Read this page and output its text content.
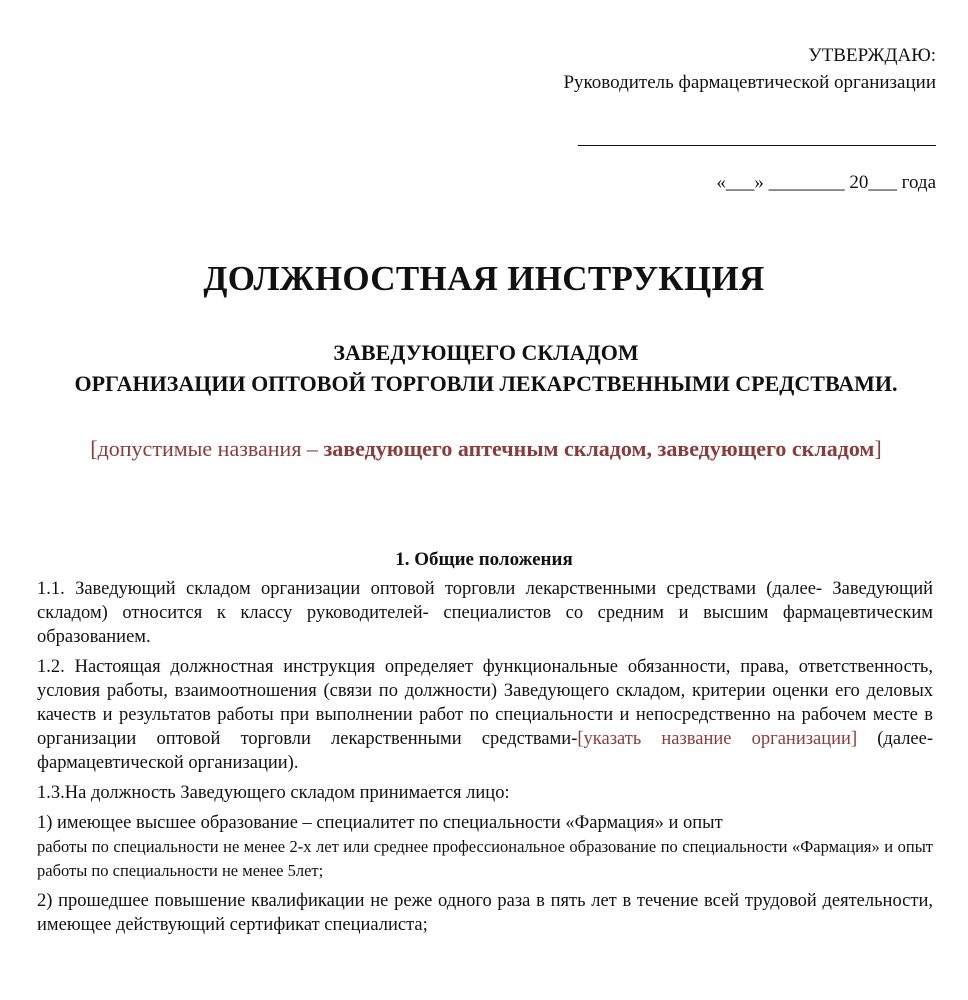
УТВЕРЖДАЮ:
Руководитель фармацевтической организации
«___» ________ 20___ года
ДОЛЖНОСТНАЯ ИНСТРУКЦИЯ
ЗАВЕДУЮЩЕГО СКЛАДОМ
ОРГАНИЗАЦИИ ОПТОВОЙ ТОРГОВЛИ ЛЕКАРСТВЕННЫМИ СРЕДСТВАМИ.
[допустимые названия – заведующего аптечным складом, заведующего складом]
1. Общие положения

1.1. Заведующий складом организации оптовой торговли лекарственными средствами (далее- Заведующий складом) относится к классу руководителей- специалистов со средним и высшим фармацевтическим образованием.

1.2. Настоящая должностная инструкция определяет функциональные обязанности, права, ответственность, условия работы, взаимоотношения (связи по должности) Заведующего складом, критерии оценки его деловых качеств и результатов работы при выполнении работ по специальности и непосредственно на рабочем месте в организации оптовой торговли лекарственными средствами-[указать название организации] (далее- фармацевтической организации).

1.3.На должность Заведующего складом принимается лицо:

1) имеющее высшее образование – специалитет по специальности «Фармация» и опыт
работы по специальности не менее 2-х лет или среднее профессиональное образование по специальности «Фармация» и опыт работы по специальности не менее 5лет;

2) прошедшее повышение квалификации не реже одного раза в пять лет в течение всей трудовой деятельности, имеющее действующий сертификат специалиста;
